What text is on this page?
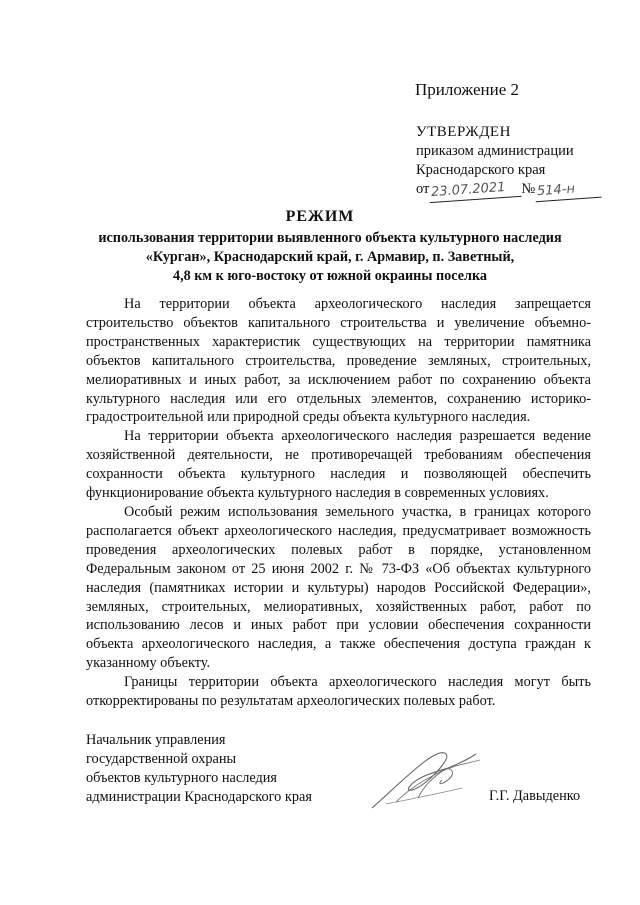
Приложение 2
УТВЕРЖДЕН
приказом администрации
Краснодарского края
от 23.07.2021 № 514-н
РЕЖИМ
использования территории выявленного объекта культурного наследия
«Курган», Краснодарский край, г. Армавир, п. Заветный,
4,8 км к юго-востоку от южной окраины поселка

На территории объекта археологического наследия запрещается строительство объектов капитального строительства и увеличение объемно-пространственных характеристик существующих на территории памятника объектов капитального строительства, проведение земляных, строительных, мелиоративных и иных работ, за исключением работ по сохранению объекта культурного наследия или его отдельных элементов, сохранению историко-градостроительной или природной среды объекта культурного наследия.

На территории объекта археологического наследия разрешается ведение хозяйственной деятельности, не противоречащей требованиям обеспечения сохранности объекта культурного наследия и позволяющей обеспечить функционирование объекта культурного наследия в современных условиях.

Особый режим использования земельного участка, в границах которого располагается объект археологического наследия, предусматривает возможность проведения археологических полевых работ в порядке, установленном Федеральным законом от 25 июня 2002 г. № 73-ФЗ «Об объектах культурного наследия (памятниках истории и культуры) народов Российской Федерации», земляных, строительных, мелиоративных, хозяйственных работ, работ по использованию лесов и иных работ при условии обеспечения сохранности объекта археологического наследия, а также обеспечения доступа граждан к указанному объекту.

Границы территории объекта археологического наследия могут быть откорректированы по результатам археологических полевых работ.

Начальник управления
государственной охраны
объектов культурного наследия
администрации Краснодарского края	Г.Г. Давыденко
